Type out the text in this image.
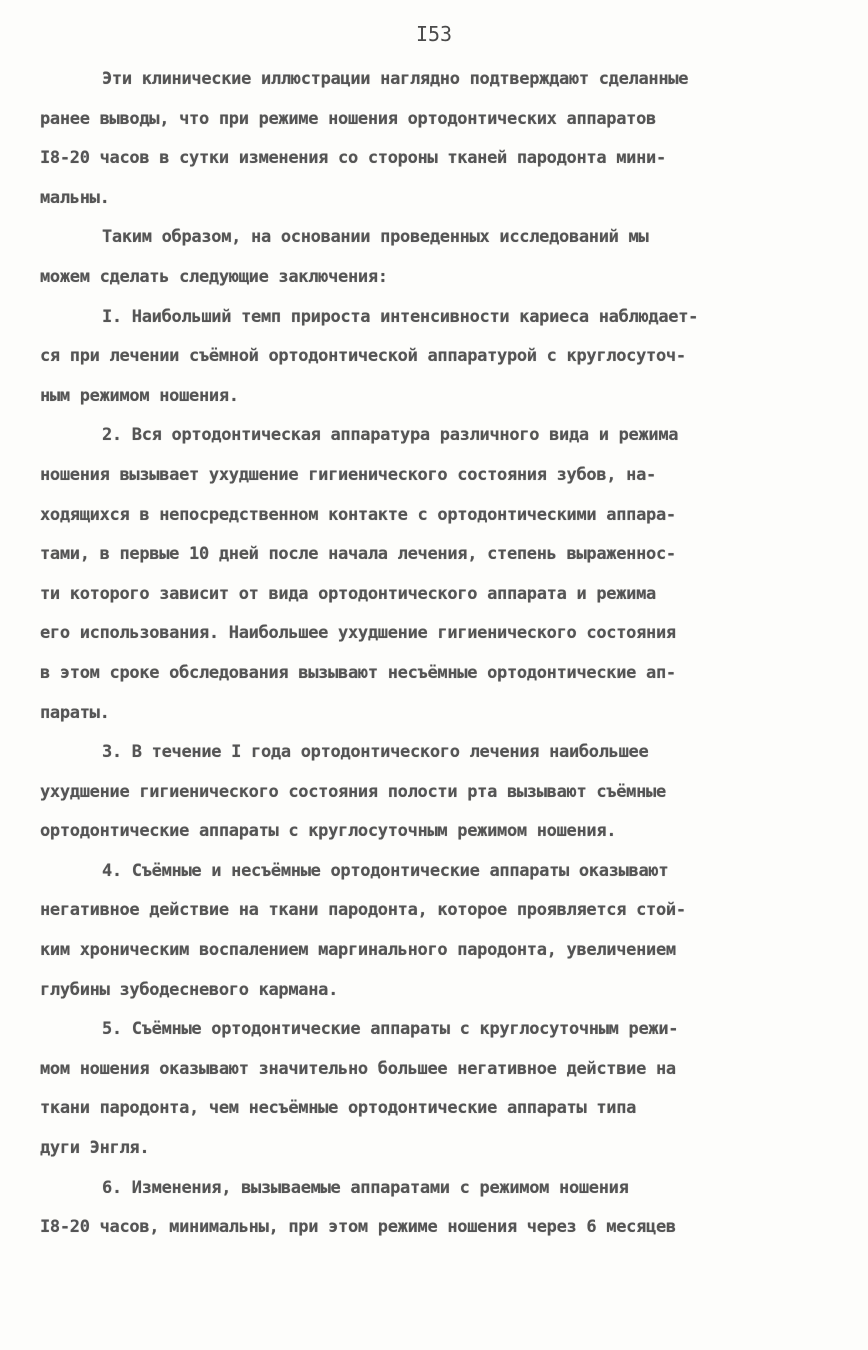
I53
Эти клинические иллюстрации наглядно подтверждают сделанные
ранее выводы, что при режиме ношения ортодонтических аппаратов
I8-20 часов в сутки изменения со стороны тканей пародонта мини-
мальны.
Таким образом, на основании проведенных исследований мы
можем сделать следующие заключения:
I. Наибольший темп прироста интенсивности кариеса наблюдает-
ся при лечении съёмной ортодонтической аппаратурой с круглосуточ-
ным режимом ношения.
2. Вся ортодонтическая аппаратура различного вида и режима
ношения вызывает ухудшение гигиенического состояния зубов, на-
ходящихся в непосредственном контакте с ортодонтическими аппара-
тами, в первые 10 дней после начала лечения, степень выраженнос-
ти которого зависит от вида ортодонтического аппарата и режима
его использования. Наибольшее ухудшение гигиенического состояния
в этом сроке обследования вызывают несъёмные ортодонтические ап-
параты.
3. В течение I года ортодонтического лечения наибольшее
ухудшение гигиенического состояния полости рта вызывают съёмные
ортодонтические аппараты с круглосуточным режимом ношения.
4. Съёмные и несъёмные ортодонтические аппараты оказывают
негативное действие на ткани пародонта, которое проявляется стой-
ким хроническим воспалением маргинального пародонта, увеличением
глубины зубодесневого кармана.
5. Съёмные ортодонтические аппараты с круглосуточным режи-
мом ношения оказывают значительно большее негативное действие на
ткани пародонта, чем несъёмные ортодонтические аппараты типа
дуги Энгля.
6. Изменения, вызываемые аппаратами с режимом ношения
I8-20 часов, минимальны, при этом режиме ношения через 6 месяцев
